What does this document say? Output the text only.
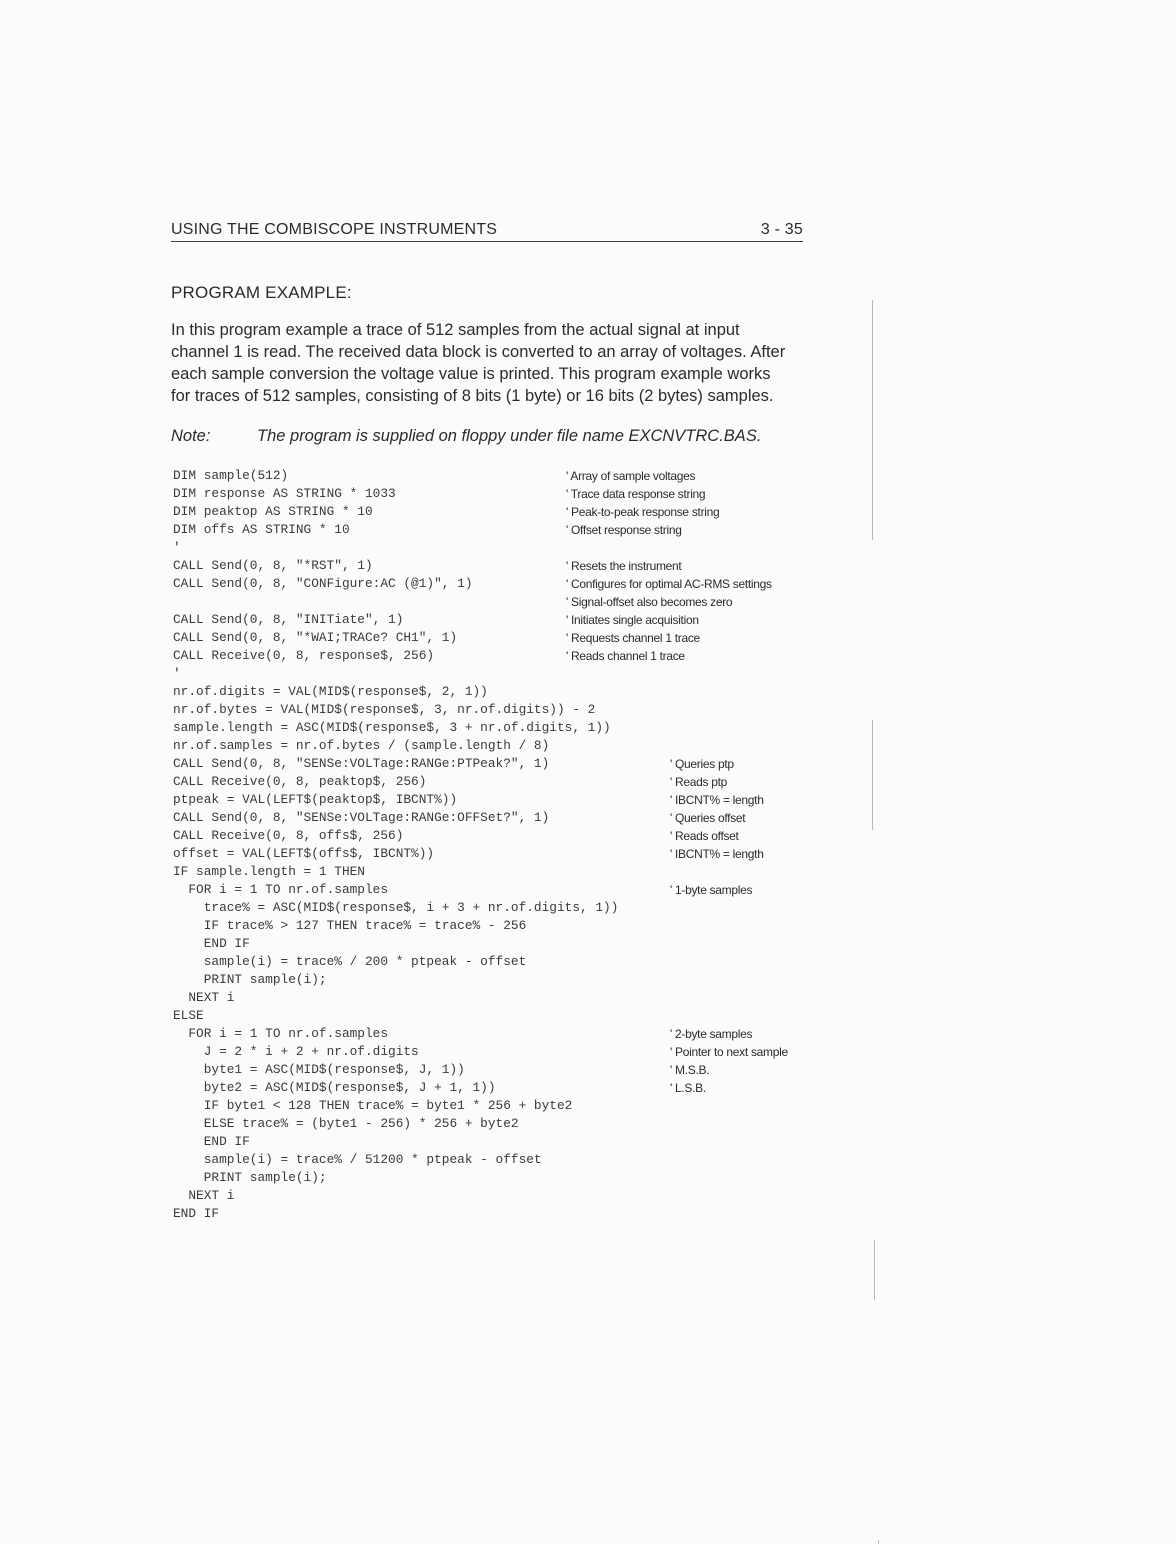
USING THE COMBISCOPE INSTRUMENTS	3 - 35
PROGRAM EXAMPLE:
In this program example a trace of 512 samples from the actual signal at input
channel 1 is read. The received data block is converted to an array of voltages. After
each sample conversion the voltage value is printed. This program example works
for traces of 512 samples, consisting of 8 bits (1 byte) or 16 bits (2 bytes) samples.
Note:	The program is supplied on floppy under file name EXCNVTRC.BAS.
DIM sample(512)	' Array of sample voltages
DIM response AS STRING * 1033	' Trace data response string
DIM peaktop AS STRING * 10	' Peak-to-peak response string
DIM offs AS STRING * 10	' Offset response string
'
CALL Send(0, 8, "*RST", 1)	' Resets the instrument
CALL Send(0, 8, "CONFigure:AC (@1)", 1)	' Configures for optimal AC-RMS settings
' Signal-offset also becomes zero
CALL Send(0, 8, "INITiate", 1)	' Initiates single acquisition
CALL Send(0, 8, "*WAI;TRACe? CH1", 1)	' Requests channel 1 trace
CALL Receive(0, 8, response$, 256)	' Reads channel 1 trace
'
nr.of.digits = VAL(MID$(response$, 2, 1))
nr.of.bytes = VAL(MID$(response$, 3, nr.of.digits)) - 2
sample.length = ASC(MID$(response$, 3 + nr.of.digits, 1))
nr.of.samples = nr.of.bytes / (sample.length / 8)
CALL Send(0, 8, "SENSe:VOLTage:RANGe:PTPeak?", 1)	' Queries ptp
CALL Receive(0, 8, peaktop$, 256)	' Reads ptp
ptpeak = VAL(LEFT$(peaktop$, IBCNT%))	' IBCNT% = length
CALL Send(0, 8, "SENSe:VOLTage:RANGe:OFFSet?", 1)	' Queries offset
CALL Receive(0, 8, offs$, 256)	' Reads offset
offset = VAL(LEFT$(offs$, IBCNT%))	' IBCNT% = length
IF sample.length = 1 THEN
FOR i = 1 TO nr.of.samples	' 1-byte samples
trace% = ASC(MID$(response$, i + 3 + nr.of.digits, 1))
IF trace% > 127 THEN trace% = trace% - 256
END IF
sample(i) = trace% / 200 * ptpeak - offset
PRINT sample(i);
NEXT i
ELSE
FOR i = 1 TO nr.of.samples	' 2-byte samples
J = 2 * i + 2 + nr.of.digits	' Pointer to next sample
byte1 = ASC(MID$(response$, J, 1))	' M.S.B.
byte2 = ASC(MID$(response$, J + 1, 1))	' L.S.B.
IF byte1 < 128 THEN trace% = byte1 * 256 + byte2
ELSE trace% = (byte1 - 256) * 256 + byte2
END IF
sample(i) = trace% / 51200 * ptpeak - offset
PRINT sample(i);
NEXT i
END IF
